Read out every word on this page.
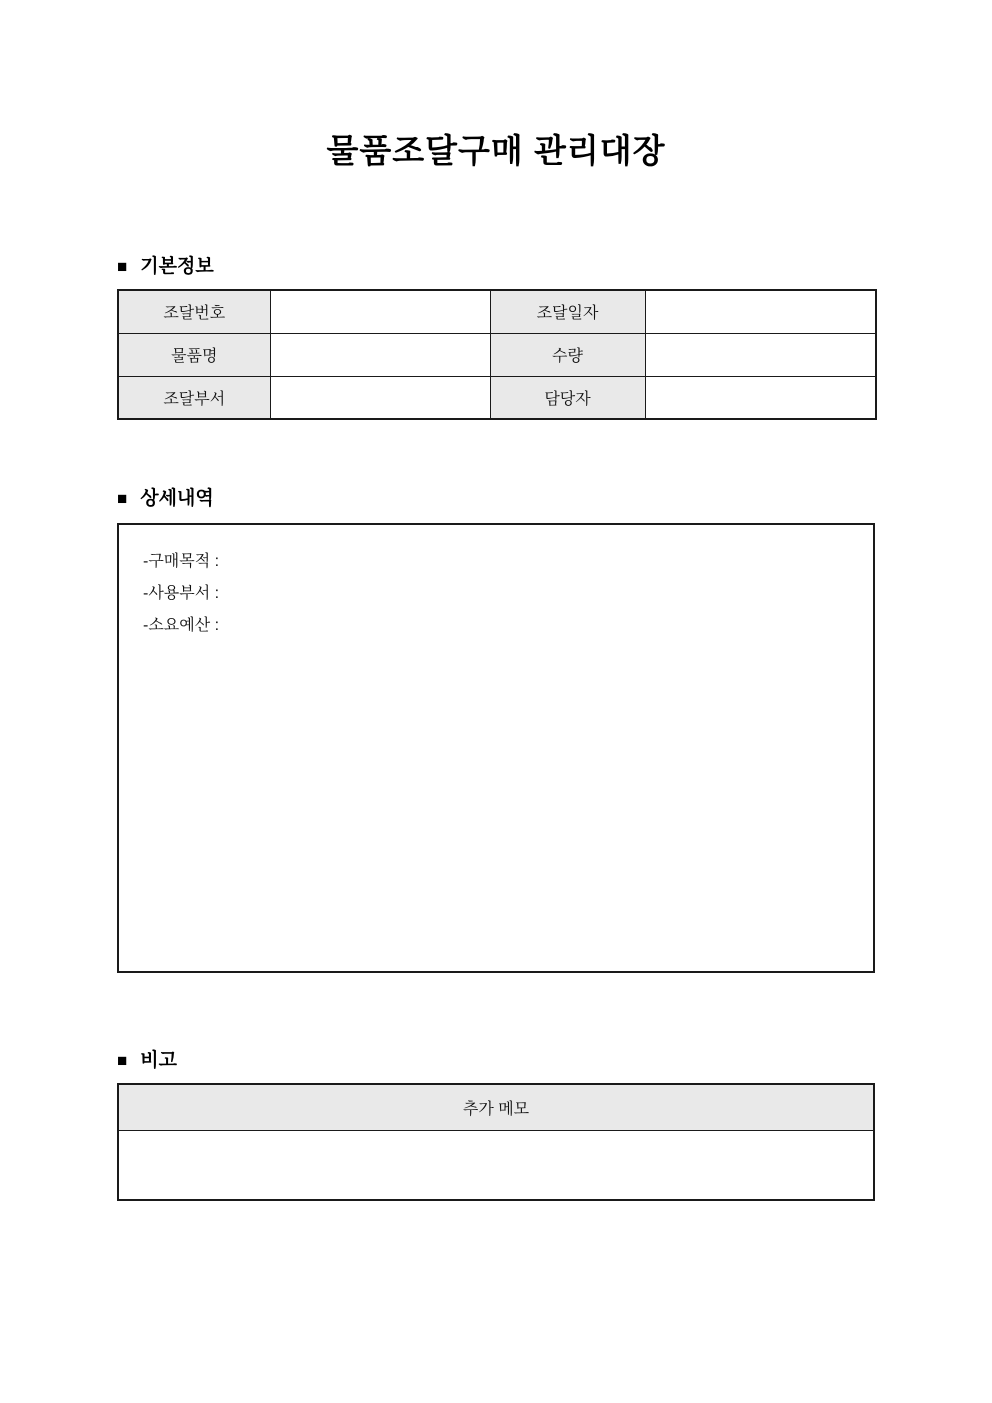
물품조달구매 관리대장
■ 기본정보
조달번호		조달일자	
물품명		수량	
조달부서		담당자	
■ 상세내역
-구매목적 :
-사용부서 :
-소요예산 :
■ 비고
추가 메모
